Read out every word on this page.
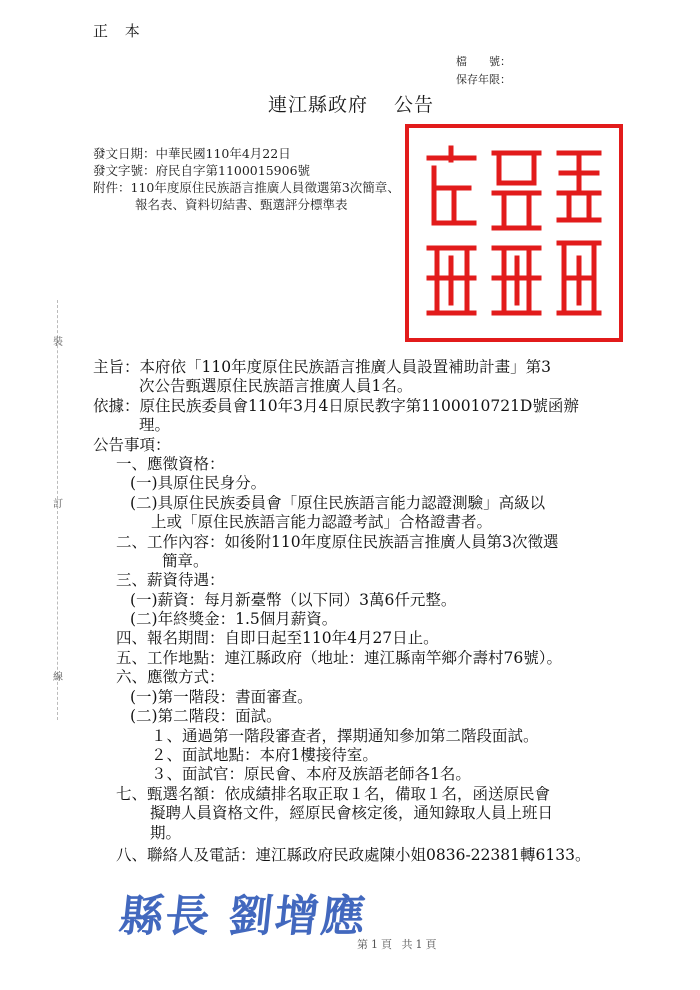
正 本
檔　　號：
保存年限：
連江縣政府 公告
發文日期：中華民國110年4月22日
發文字號：府民自字第1100015906號
附件：110年度原住民族語言推廣人員徵選第3次簡章、
報名表、資料切結書、甄選評分標準表
裝
訂
線
主旨：本府依「110年度原住民族語言推廣人員設置補助計畫」第3
次公告甄選原住民族語言推廣人員1名。
依據：原住民族委員會110年3月4日原民教字第1100010721D號函辦
理。
公告事項：
一、應徵資格：
(一)具原住民身分。
(二)具原住民族委員會「原住民族語言能力認證測驗」高級以
上或「原住民族語言能力認證考試」合格證書者。
二、工作內容：如後附110年度原住民族語言推廣人員第3次徵選
簡章。
三、薪資待遇：
(一)薪資：每月新臺幣（以下同）3萬6仟元整。
(二)年終獎金：1.5個月薪資。
四、報名期間：自即日起至110年4月27日止。
五、工作地點：連江縣政府（地址：連江縣南竿鄉介壽村76號）。
六、應徵方式：
(一)第一階段：書面審查。
(二)第二階段：面試。
１、通過第一階段審查者，擇期通知參加第二階段面試。
２、面試地點：本府1樓接待室。
３、面試官：原民會、本府及族語老師各1名。
七、甄選名額：依成績排名取正取１名，備取１名，函送原民會
擬聘人員資格文件，經原民會核定後，通知錄取人員上班日
期。
八、聯絡人及電話：連江縣政府民政處陳小姐0836-22381轉6133。
縣長 劉增應
第1頁 共1頁
